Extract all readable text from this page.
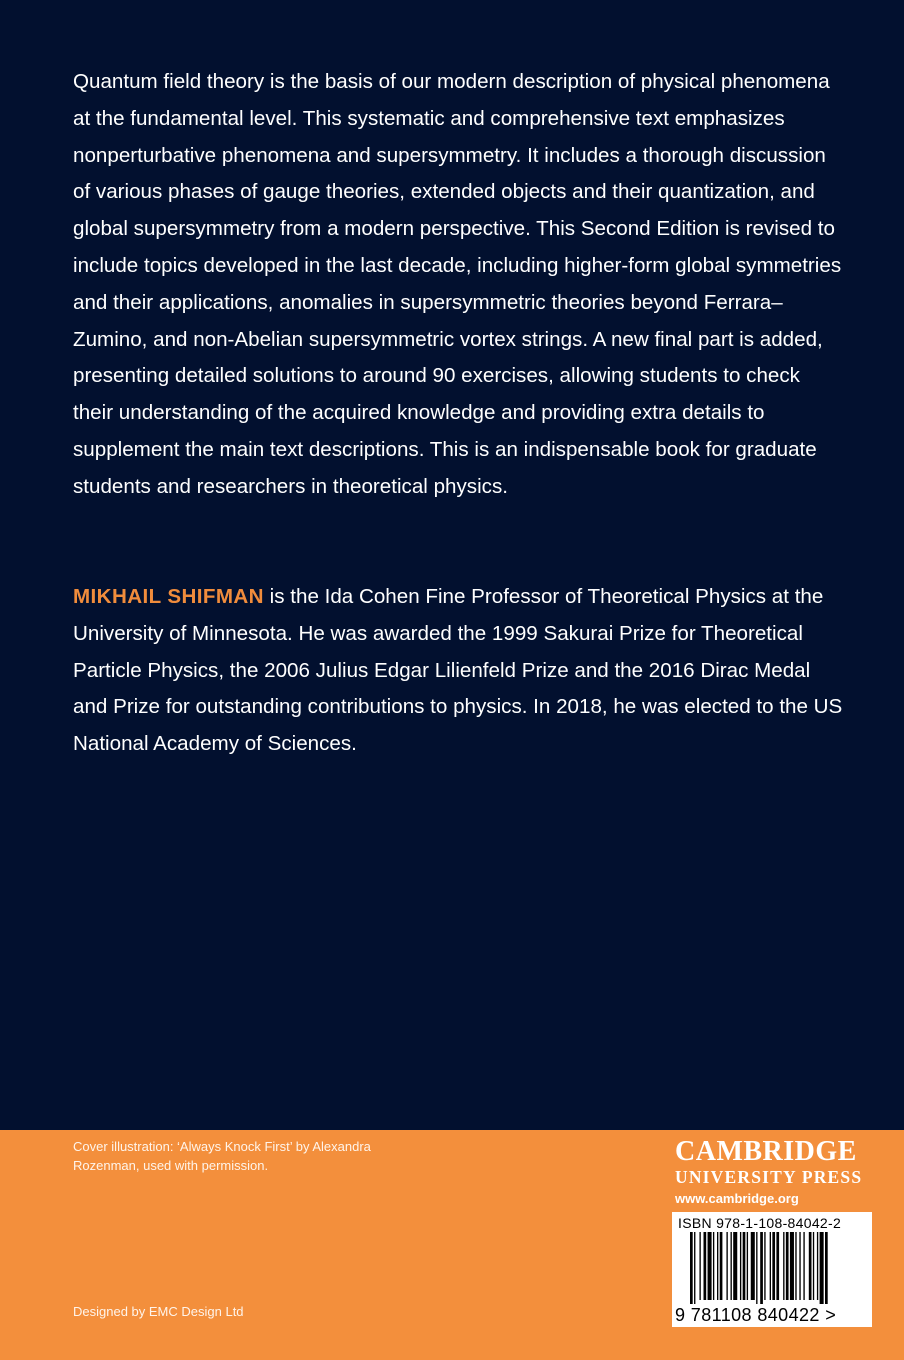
Quantum field theory is the basis of our modern description of physical phenomena at the fundamental level. This systematic and comprehensive text emphasizes nonperturbative phenomena and supersymmetry. It includes a thorough discussion of various phases of gauge theories, extended objects and their quantization, and global supersymmetry from a modern perspective. This Second Edition is revised to include topics developed in the last decade, including higher-form global symmetries and their applications, anomalies in supersymmetric theories beyond Ferrara–Zumino, and non-Abelian supersymmetric vortex strings. A new final part is added, presenting detailed solutions to around 90 exercises, allowing students to check their understanding of the acquired knowledge and providing extra details to supplement the main text descriptions. This is an indispensable book for graduate students and researchers in theoretical physics.

MIKHAIL SHIFMAN is the Ida Cohen Fine Professor of Theoretical Physics at the University of Minnesota. He was awarded the 1999 Sakurai Prize for Theoretical Particle Physics, the 2006 Julius Edgar Lilienfeld Prize and the 2016 Dirac Medal and Prize for outstanding contributions to physics. In 2018, he was elected to the US National Academy of Sciences.

Cover illustration: ‘Always Knock First’ by Alexandra Rozenman, used with permission.

Designed by EMC Design Ltd

CAMBRIDGE
UNIVERSITY PRESS
www.cambridge.org
ISBN 978-1-108-84042-2
9 781108 840422 >
